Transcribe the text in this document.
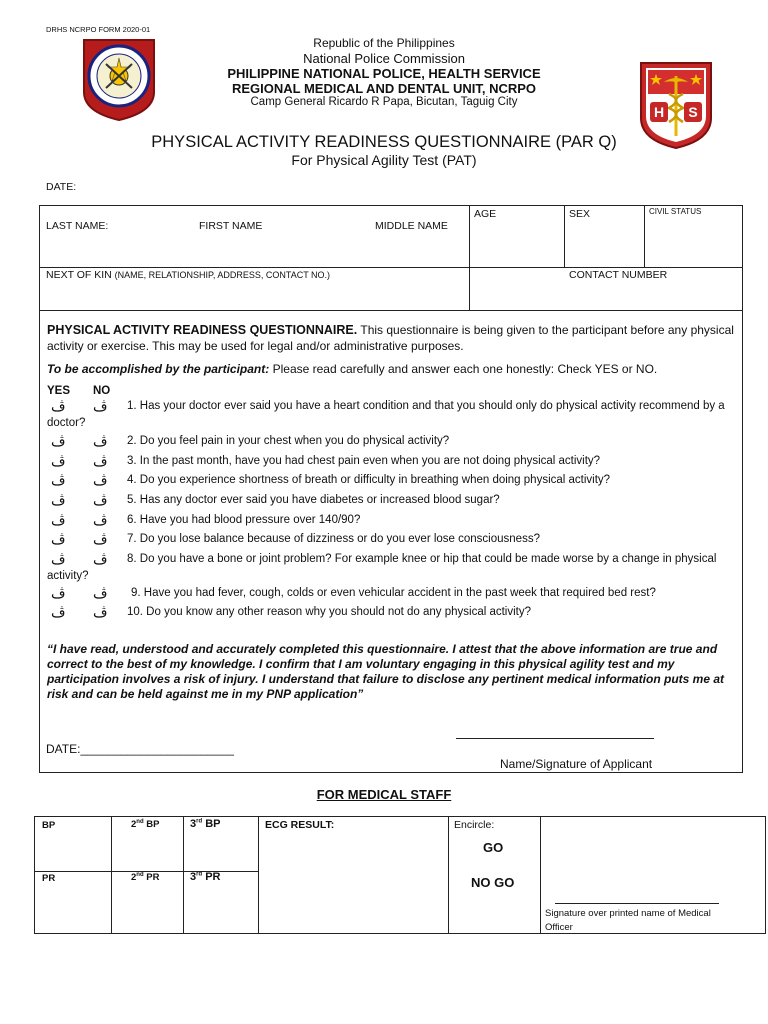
DRHS NCRPO FORM 2020-01
H S
Republic of the Philippines
National Police Commission
PHILIPPINE NATIONAL POLICE, HEALTH SERVICE
REGIONAL MEDICAL AND DENTAL UNIT, NCRPO
Camp General Ricardo R Papa, Bicutan, Taguig City
PHYSICAL ACTIVITY READINESS QUESTIONNAIRE (PAR Q)
For Physical Agility Test (PAT)
DATE:
LAST NAME:	FIRST NAME	MIDDLE NAME
AGE	SEX	CIVIL STATUS
NEXT OF KIN (NAME, RELATIONSHIP, ADDRESS, CONTACT NO.)	CONTACT NUMBER
PHYSICAL ACTIVITY READINESS QUESTIONNAIRE. This questionnaire is being given to the participant before any physical activity or exercise. This may be used for legal and/or administrative purposes.
To be accomplished by the participant: Please read carefully and answer each one honestly: Check YES or NO.
YES NO
ڤ ڤ	1. Has your doctor ever said you have a heart condition and that you should only do physical activity recommend by a doctor?
ڤ ڤ	2. Do you feel pain in your chest when you do physical activity?
ڤ ڤ	3. In the past month, have you had chest pain even when you are not doing physical activity?
ڤ ڤ	4. Do you experience shortness of breath or difficulty in breathing when doing physical activity?
ڤ ڤ	5. Has any doctor ever said you have diabetes or increased blood sugar?
ڤ ڤ	6. Have you had blood pressure over 140/90?
ڤ ڤ	7. Do you lose balance because of dizziness or do you ever lose consciousness?
ڤ ڤ	8. Do you have a bone or joint problem? For example knee or hip that could be made worse by a change in physical activity?
ڤ ڤ	9. Have you had fever, cough, colds or even vehicular accident in the past week that required bed rest?
ڤ ڤ	10. Do you know any other reason why you should not do any physical activity?
“I have read, understood and accurately completed this questionnaire. I attest that the above information are true and correct to the best of my knowledge. I confirm that I am voluntary engaging in this physical agility test and my participation involves a risk of injury. I understand that failure to disclose any pertinent medical information puts me at risk and can be held against me in my PNP application”
DATE:_______________________
Name/Signature of Applicant
FOR MEDICAL STAFF
BP	2nd BP	3rd BP
PR	2nd PR	3rd PR
ECG RESULT:	Encircle:
GO
NO GO
Signature over printed name of Medical Officer
